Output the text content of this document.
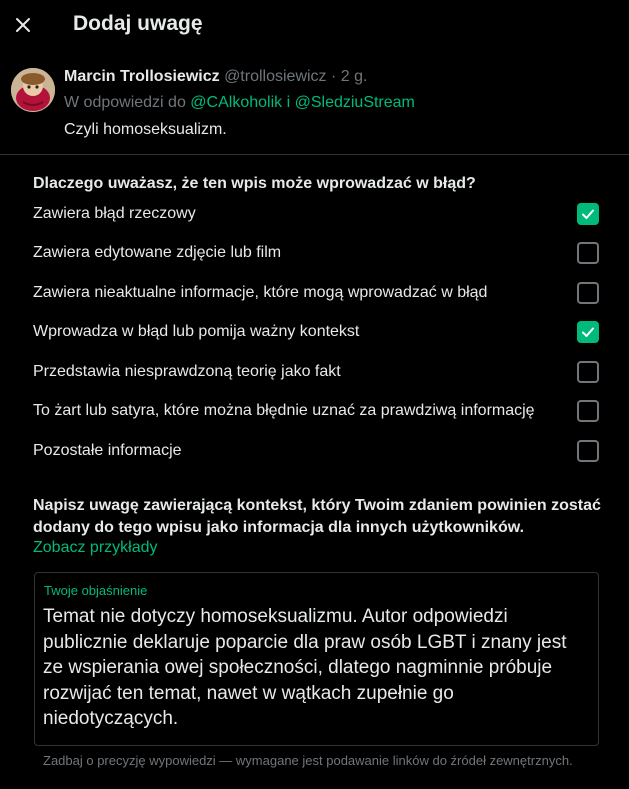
Dodaj uwagę
Marcin Trollosiewicz @trollosiewicz · 2 g.
W odpowiedzi do @CAlkoholik i @SledziuStream
Czyli homoseksualizm.
Dlaczego uważasz, że ten wpis może wprowadzać w błąd?
Zawiera błąd rzeczowy
Zawiera edytowane zdjęcie lub film
Zawiera nieaktualne informacje, które mogą wprowadzać w błąd
Wprowadza w błąd lub pomija ważny kontekst
Przedstawia niesprawdzoną teorię jako fakt
To żart lub satyra, które można błędnie uznać za prawdziwą informację
Pozostałe informacje
Napisz uwagę zawierającą kontekst, który Twoim zdaniem powinien zostać dodany do tego wpisu jako informacja dla innych użytkowników.
Zobacz przykłady
Twoje objaśnienie
Temat nie dotyczy homoseksualizmu. Autor odpowiedzi publicznie deklaruje poparcie dla praw osób LGBT i znany jest ze wspierania owej społeczności, dlatego nagminnie próbuje rozwijać ten temat, nawet w wątkach zupełnie go niedotyczących.
Zadbaj o precyzję wypowiedzi — wymagane jest podawanie linków do źródeł zewnętrznych.
